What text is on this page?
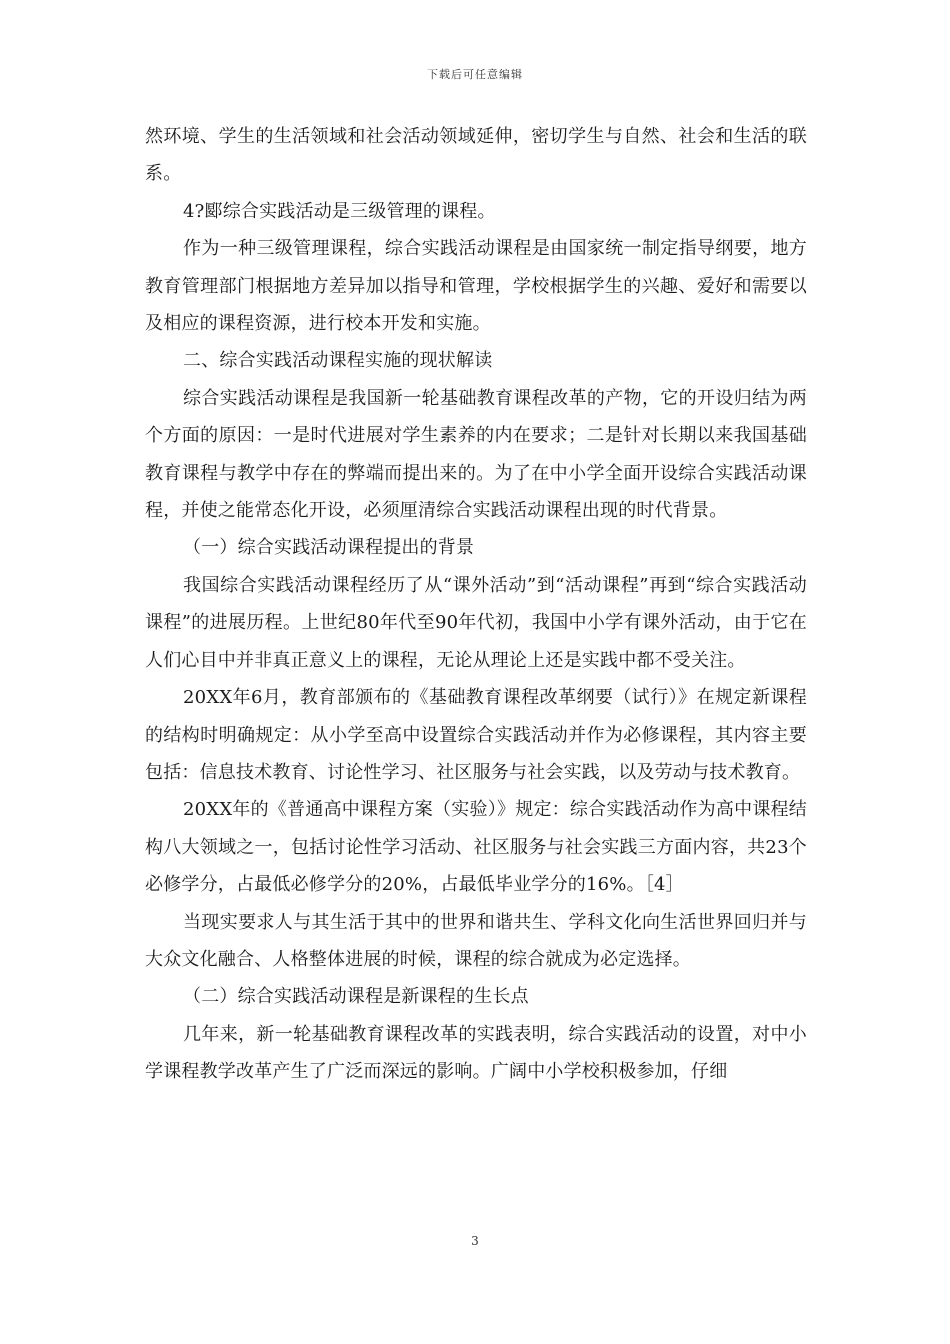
下载后可任意编辑

然环境、学生的生活领域和社会活动领域延伸，密切学生与自然、社会和生活的联系。

4?郾综合实践活动是三级管理的课程。

作为一种三级管理课程，综合实践活动课程是由国家统一制定指导纲要，地方教育管理部门根据地方差异加以指导和管理，学校根据学生的兴趣、爱好和需要以及相应的课程资源，进行校本开发和实施。

二、综合实践活动课程实施的现状解读

综合实践活动课程是我国新一轮基础教育课程改革的产物，它的开设归结为两个方面的原因：一是时代进展对学生素养的内在要求；二是针对长期以来我国基础教育课程与教学中存在的弊端而提出来的。为了在中小学全面开设综合实践活动课程，并使之能常态化开设，必须厘清综合实践活动课程出现的时代背景。

（一）综合实践活动课程提出的背景

我国综合实践活动课程经历了从“课外活动”到“活动课程”再到“综合实践活动课程”的进展历程。上世纪80年代至90年代初，我国中小学有课外活动，由于它在人们心目中并非真正意义上的课程，无论从理论上还是实践中都不受关注。

20XX年6月，教育部颁布的《基础教育课程改革纲要（试行）》在规定新课程的结构时明确规定：从小学至高中设置综合实践活动并作为必修课程，其内容主要包括：信息技术教育、讨论性学习、社区服务与社会实践，以及劳动与技术教育。

20XX年的《普通高中课程方案（实验）》规定：综合实践活动作为高中课程结构八大领域之一，包括讨论性学习活动、社区服务与社会实践三方面内容，共23个必修学分，占最低必修学分的20%，占最低毕业学分的16%。［4］

当现实要求人与其生活于其中的世界和谐共生、学科文化向生活世界回归并与大众文化融合、人格整体进展的时候，课程的综合就成为必定选择。

（二）综合实践活动课程是新课程的生长点

几年来，新一轮基础教育课程改革的实践表明，综合实践活动的设置，对中小学课程教学改革产生了广泛而深远的影响。广阔中小学校积极参加，仔细

3
